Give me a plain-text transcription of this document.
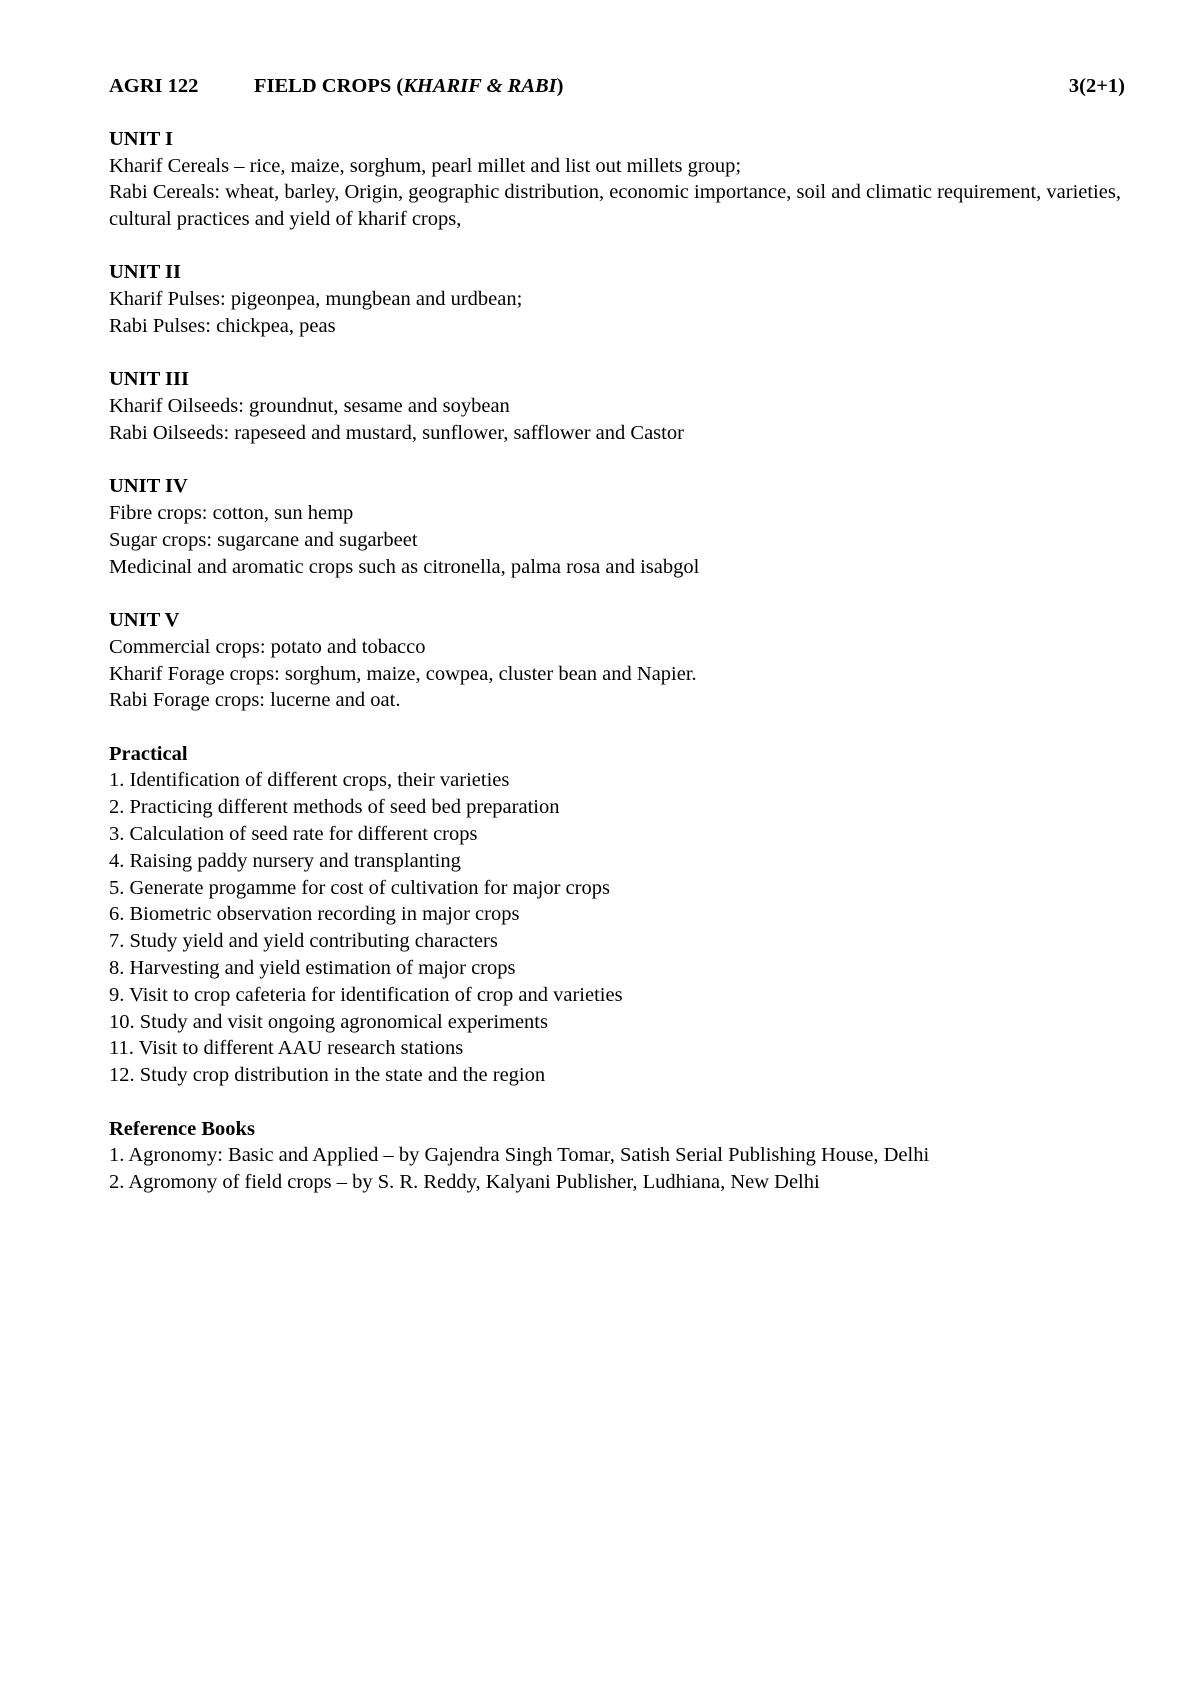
AGRI 122	FIELD CROPS (KHARIF & RABI)	3(2+1)
UNIT I
Kharif Cereals – rice, maize, sorghum, pearl millet and list out millets group;
Rabi Cereals: wheat, barley, Origin, geographic distribution, economic importance, soil and climatic requirement, varieties, cultural practices and yield of kharif crops,
UNIT II
Kharif Pulses: pigeonpea, mungbean and urdbean;
Rabi Pulses: chickpea, peas
UNIT III
Kharif Oilseeds: groundnut, sesame and soybean
Rabi Oilseeds: rapeseed and mustard, sunflower, safflower and Castor
UNIT IV
Fibre crops: cotton, sun hemp
Sugar crops: sugarcane and sugarbeet
Medicinal and aromatic crops such as citronella, palma rosa and isabgol
UNIT V
Commercial crops: potato and tobacco
Kharif Forage crops: sorghum, maize, cowpea, cluster bean and Napier.
Rabi Forage crops: lucerne and oat.
Practical
1. Identification of different crops, their varieties
2. Practicing different methods of seed bed preparation
3. Calculation of seed rate for different crops
4. Raising paddy nursery and transplanting
5. Generate progamme for cost of cultivation for major crops
6. Biometric observation recording in major crops
7. Study yield and yield contributing characters
8. Harvesting and yield estimation of major crops
9. Visit to crop cafeteria for identification of crop and varieties
10. Study and visit ongoing agronomical experiments
11. Visit to different AAU research stations
12. Study crop distribution in the state and the region
Reference Books
1. Agronomy: Basic and Applied – by Gajendra Singh Tomar, Satish Serial Publishing House, Delhi
2. Agromony of field crops – by S. R. Reddy, Kalyani Publisher, Ludhiana, New Delhi
